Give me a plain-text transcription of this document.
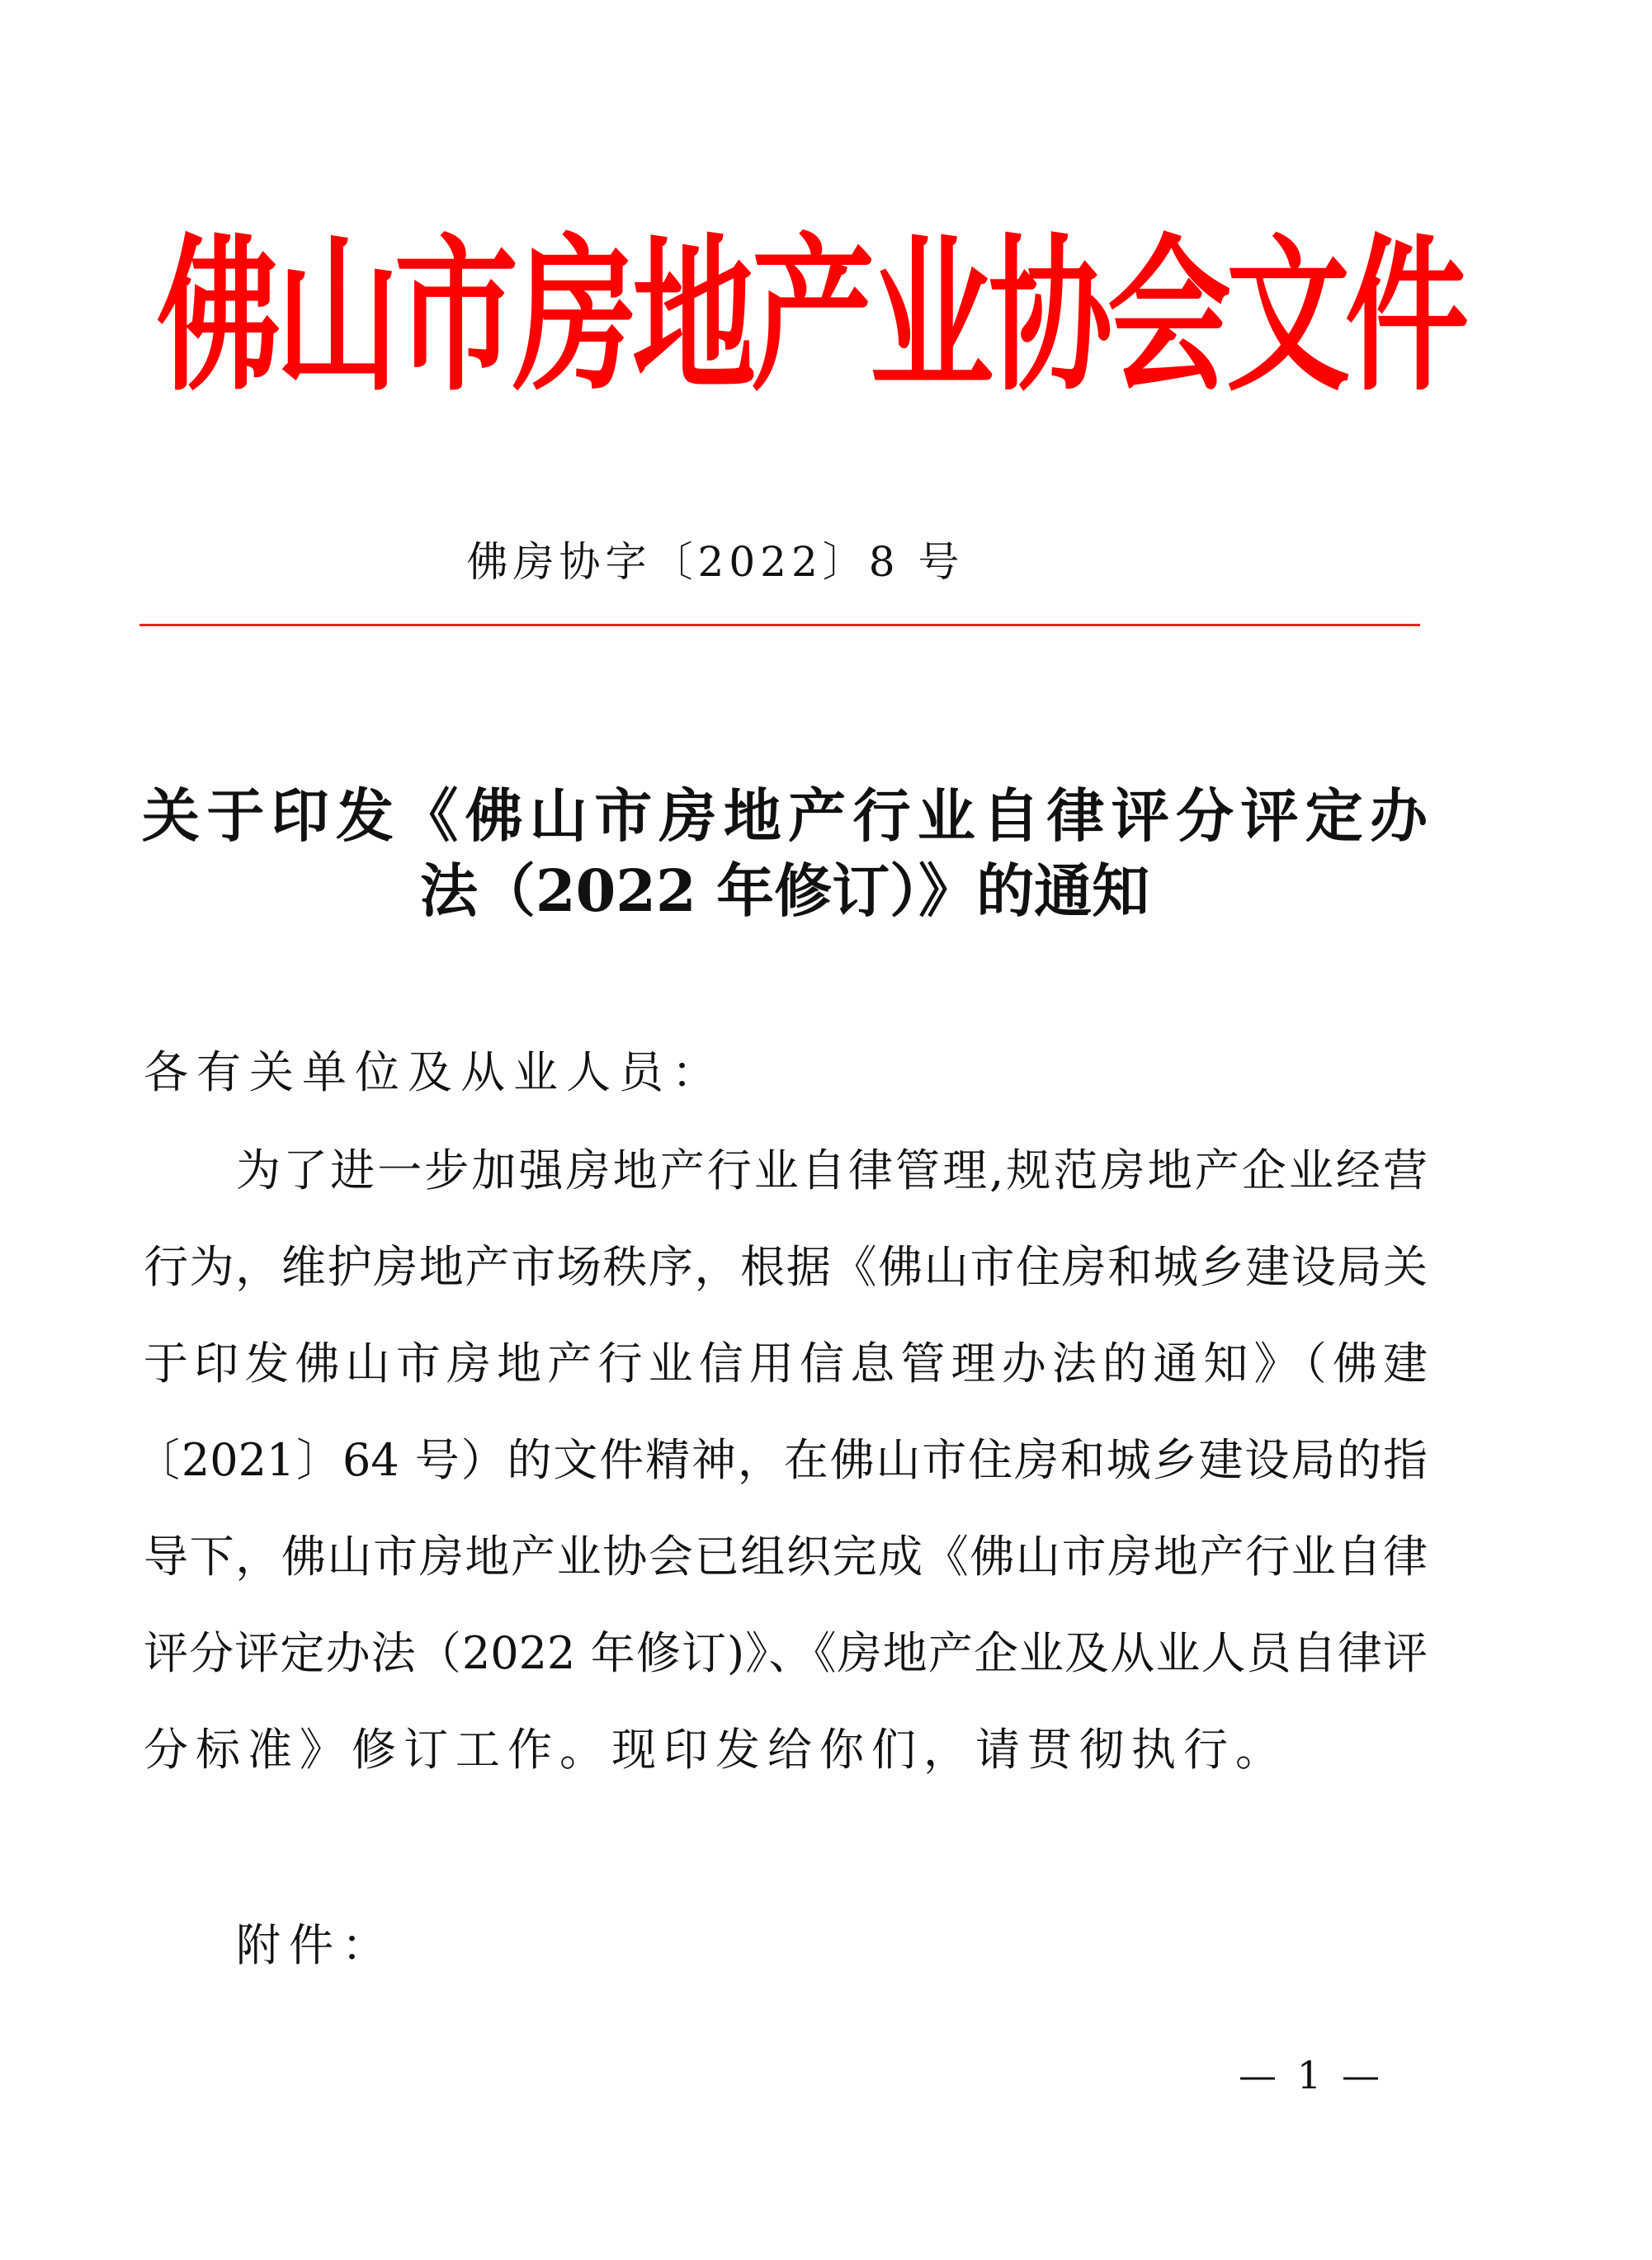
佛山市房地产业协会文件
佛房协字〔2022〕8 号
关于印发《佛山市房地产行业自律评分评定办
法（2022 年修订）》的通知
各有关单位及从业人员：
为了进一步加强房地产行业自律管理,规范房地产企业经营
行为，维护房地产市场秩序，根据《佛山市住房和城乡建设局关
于印发佛山市房地产行业信用信息管理办法的通知》（佛建
〔2021〕64 号）的文件精神，在佛山市住房和城乡建设局的指
导下，佛山市房地产业协会已组织完成《佛山市房地产行业自律
评分评定办法（2022 年修订)》、《房地产企业及从业人员自律评
分标准》修订工作。现印发给你们，请贯彻执行。
附件：
— 1 —
